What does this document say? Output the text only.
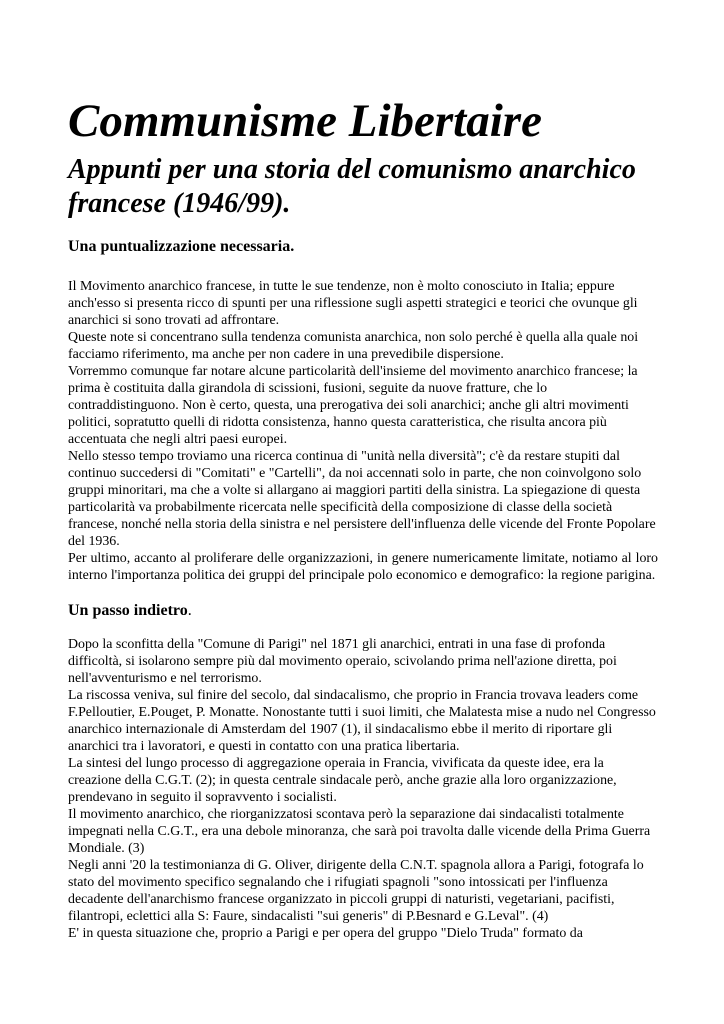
Communisme Libertaire
Appunti per una storia del comunismo anarchico francese (1946/99).
Una puntualizzazione necessaria.

Il Movimento anarchico francese, in tutte le sue tendenze, non è molto conosciuto in Italia; eppure anch'esso si presenta ricco di spunti per una riflessione sugli aspetti strategici e teorici che ovunque gli anarchici si sono trovati ad affrontare.

Queste note si concentrano sulla tendenza comunista anarchica, non solo perché è quella alla quale noi facciamo riferimento, ma anche per non cadere in una prevedibile dispersione.

Vorremmo comunque far notare alcune particolarità dell'insieme del movimento anarchico francese; la prima è costituita dalla girandola di scissioni, fusioni, seguite da nuove fratture, che lo contraddistinguono. Non è certo, questa, una prerogativa dei soli anarchici; anche gli altri movimenti politici, sopratutto quelli di ridotta consistenza, hanno questa caratteristica, che risulta ancora più accentuata che negli altri paesi europei.

Nello stesso tempo troviamo una ricerca continua di "unità nella diversità"; c'è da restare stupiti dal continuo succedersi di "Comitati" e "Cartelli", da noi accennati solo in parte, che non coinvolgono solo gruppi minoritari, ma che a volte si allargano ai maggiori partiti della sinistra. La spiegazione di questa particolarità va probabilmente ricercata nelle specificità della composizione di classe della società francese, nonché nella storia della sinistra e nel persistere dell'influenza delle vicende del Fronte Popolare del 1936.

Per ultimo, accanto al proliferare delle organizzazioni, in genere numericamente limitate, notiamo al loro interno l'importanza politica dei gruppi del principale polo economico e demografico: la regione parigina.

Un passo indietro.

Dopo la sconfitta della "Comune di Parigi" nel 1871 gli anarchici, entrati in una fase di profonda difficoltà, si isolarono sempre più dal movimento operaio, scivolando prima nell'azione diretta, poi nell'avventurismo e nel terrorismo.

La riscossa veniva, sul finire del secolo, dal sindacalismo, che proprio in Francia trovava leaders come F.Pelloutier, E.Pouget, P. Monatte. Nonostante tutti i suoi limiti, che Malatesta mise a nudo nel Congresso anarchico internazionale di Amsterdam del 1907 (1), il sindacalismo ebbe il merito di riportare gli anarchici tra i lavoratori, e questi in contatto con una pratica libertaria.

La sintesi del lungo processo di aggregazione operaia in Francia, vivificata da queste idee, era la creazione della C.G.T. (2); in questa centrale sindacale però, anche grazie alla loro organizzazione, prendevano in seguito il sopravvento i socialisti.

Il movimento anarchico, che riorganizzatosi scontava però la separazione dai sindacalisti totalmente impegnati nella C.G.T., era una debole minoranza, che sarà poi travolta dalle vicende della Prima Guerra Mondiale. (3)

Negli anni '20 la testimonianza di G. Oliver, dirigente della C.N.T. spagnola allora a Parigi, fotografa lo stato del movimento specifico segnalando che i rifugiati spagnoli "sono intossicati per l'influenza decadente dell'anarchismo francese organizzato in piccoli gruppi di naturisti, vegetariani, pacifisti, filantropi, eclettici alla S: Faure, sindacalisti "sui generis" di P.Besnard e G.Leval". (4)

E' in questa situazione che, proprio a Parigi e per opera del gruppo "Dielo Truda" formato da
